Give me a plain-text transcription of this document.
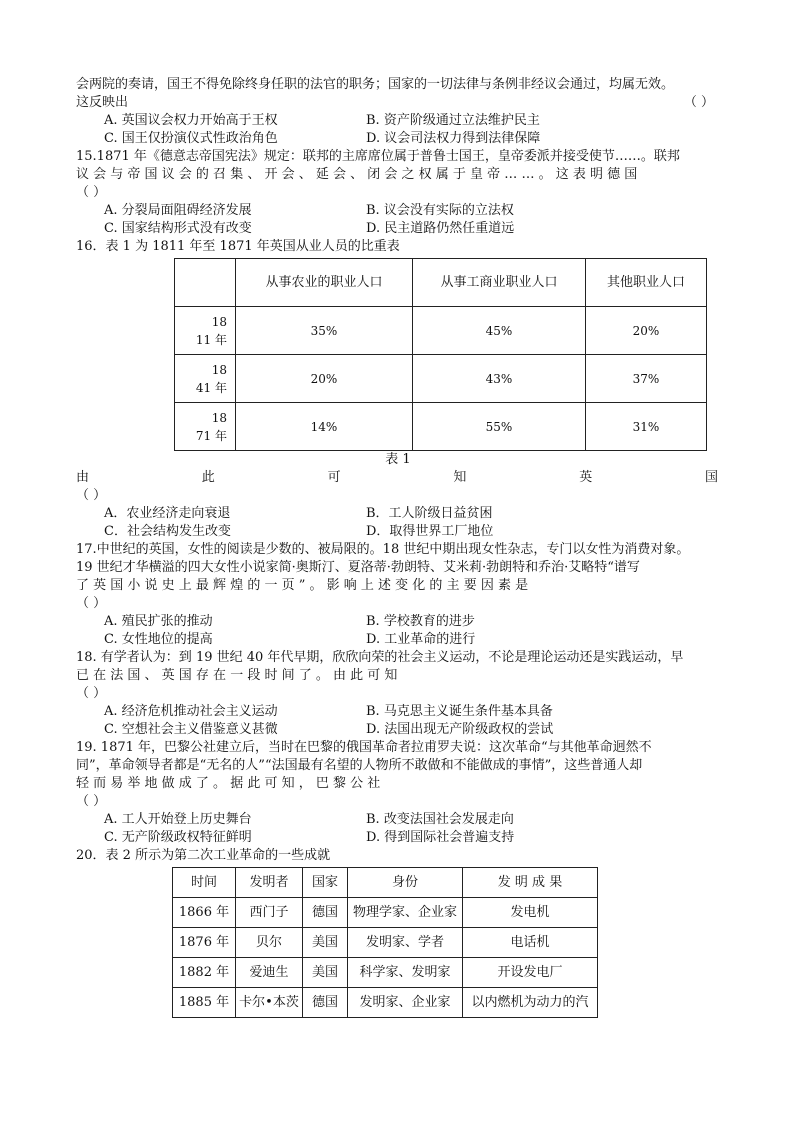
会两院的奏请，国王不得免除终身任职的法官的职务；国家的一切法律与条例非经议会通过，均属无效。
这反映出	（ ）
A. 英国议会权力开始高于王权	B. 资产阶级通过立法维护民主
C. 国王仅扮演仪式性政治角色	D. 议会司法权力得到法律保障
15.1871 年《德意志帝国宪法》规定：联邦的主席席位属于普鲁士国王，皇帝委派并接受使节……。联邦
议 会 与 帝 国 议 会 的 召 集 、 开 会 、 延 会 、 闭 会 之 权 属 于 皇 帝 … … 。 这 表 明 德 国
（ ）
A. 分裂局面阻碍经济发展	B. 议会没有实际的立法权
C. 国家结构形式没有改变	D. 民主道路仍然任重道远
16．表 1 为 1811 年至 1871 年英国从业人员的比重表
	从事农业的职业人口	从事工商业职业人口	其他职业人口

18
11 年	35%	45%	20%

18
41 年	20%	43%	37%

18
71 年	14%	55%	31%
表 1
由	此	可	知	英	国
（ ）
A．农业经济走向衰退	B．工人阶级日益贫困
C．社会结构发生改变	D．取得世界工厂地位
17.中世纪的英国，女性的阅读是少数的、被局限的。18 世纪中期出现女性杂志，专门以女性为消费对象。
19 世纪才华横溢的四大女性小说家简·奥斯汀、夏洛蒂·勃朗特、艾米莉·勃朗特和乔治·艾略特“谱写
了 英 国 小 说 史 上 最 辉 煌 的 一 页 ” 。 影 响 上 述 变 化 的 主 要 因 素 是
（ ）
A. 殖民扩张的推动	B. 学校教育的进步
C. 女性地位的提高	D. 工业革命的进行
18. 有学者认为：到 19 世纪 40 年代早期，欣欣向荣的社会主义运动，不论是理论运动还是实践运动，早
已 在 法 国 、 英 国 存 在 一 段 时 间 了 。 由 此 可 知
（ ）
A. 经济危机推动社会主义运动	B. 马克思主义诞生条件基本具备
C. 空想社会主义借鉴意义甚微	D. 法国出现无产阶级政权的尝试
19. 1871 年，巴黎公社建立后，当时在巴黎的俄国革命者拉甫罗夫说：这次革命“与其他革命迥然不
同”，革命领导者都是“无名的人”“法国最有名望的人物所不敢做和不能做成的事情”，这些普通人却
轻 而 易 举 地 做 成 了 。 据 此 可 知 ， 巴 黎 公 社
（ ）
A. 工人开始登上历史舞台	B. 改变法国社会发展走向
C. 无产阶级政权特征鲜明	D. 得到国际社会普遍支持
20．表 2 所示为第二次工业革命的一些成就
时间	发明者	国家	身份	发 明 成 果
1866 年	西门子	德国	物理学家、企业家	发电机
1876 年	贝尔	美国	发明家、学者	电话机
1882 年	爱迪生	美国	科学家、发明家	开设发电厂
1885 年	卡尔•本茨	德国	发明家、企业家	以内燃机为动力的汽
